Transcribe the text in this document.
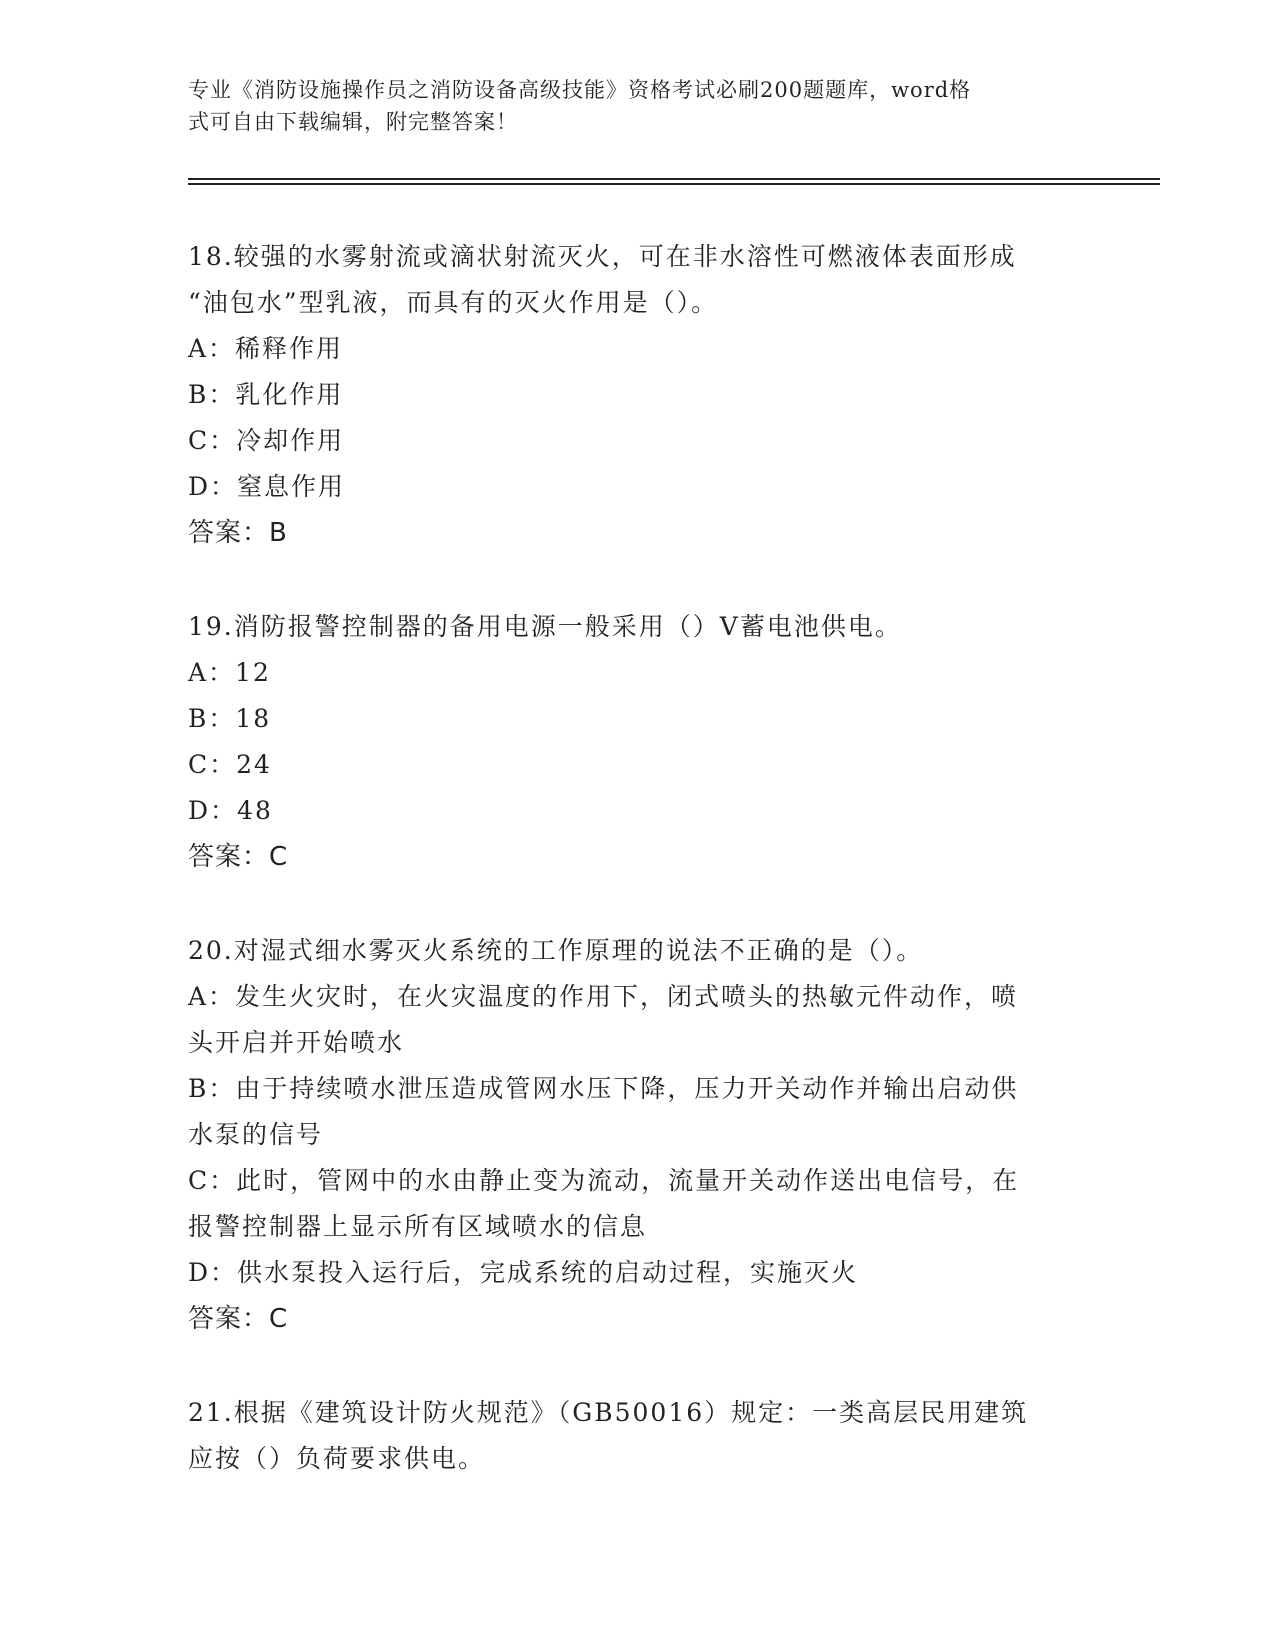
专业《消防设施操作员之消防设备高级技能》资格考试必刷200题题库，word格
式可自由下载编辑，附完整答案！
18.较强的水雾射流或滴状射流灭火，可在非水溶性可燃液体表面形成
“油包水”型乳液，而具有的灭火作用是（）。
A：稀释作用
B：乳化作用
C：冷却作用
D：窒息作用
答案：B
19.消防报警控制器的备用电源一般采用（）V蓄电池供电。
A：12
B：18
C：24
D：48
答案：C
20.对湿式细水雾灭火系统的工作原理的说法不正确的是（）。
A：发生火灾时，在火灾温度的作用下，闭式喷头的热敏元件动作，喷
头开启并开始喷水
B：由于持续喷水泄压造成管网水压下降，压力开关动作并输出启动供
水泵的信号
C：此时，管网中的水由静止变为流动，流量开关动作送出电信号，在
报警控制器上显示所有区域喷水的信息
D：供水泵投入运行后，完成系统的启动过程，实施灭火
答案：C
21.根据《建筑设计防火规范》（GB50016）规定：一类高层民用建筑
应按（）负荷要求供电。
